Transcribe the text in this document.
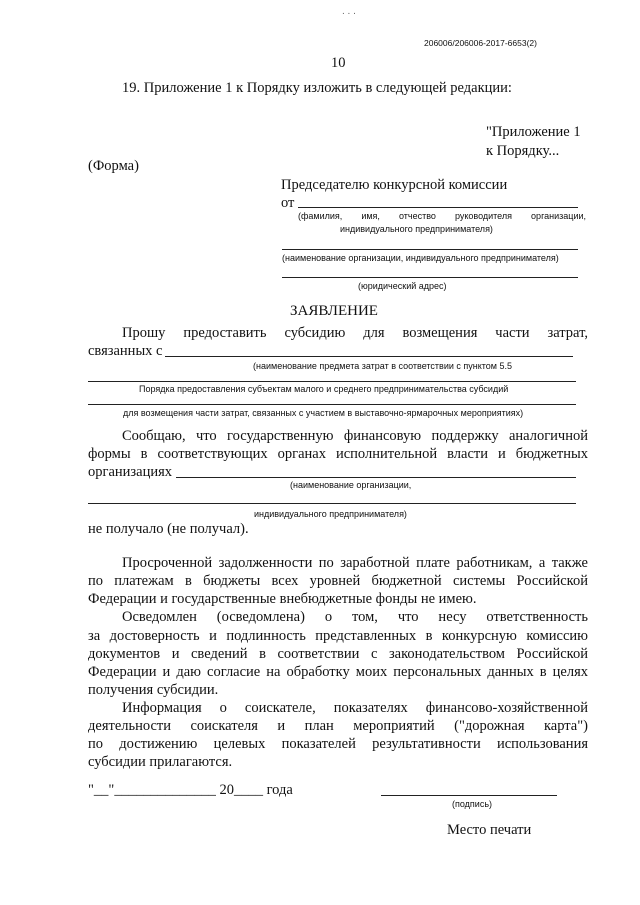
. . .
206006/206006-2017-6653(2)
10
19. Приложение 1 к Порядку изложить в следующей редакции:
"Приложение 1
к Порядку...
(Форма)
Председателю конкурсной комиссии
от
(фамилия, имя, отчество руководителя организации,
индивидуального предпринимателя)
(наименование организации, индивидуального предпринимателя)
(юридический адрес)
ЗАЯВЛЕНИЕ
Прошу предоставить субсидию для возмещения части затрат,
связанных с
(наименование предмета затрат в соответствии с пунктом 5.5
Порядка предоставления субъектам малого и среднего предпринимательства субсидий
для возмещения части затрат, связанных с участием в выставочно-ярмарочных мероприятиях)
Сообщаю, что государственную финансовую поддержку аналогичной
формы в соответствующих органах исполнительной власти и бюджетных
организациях
(наименование организации,
индивидуального предпринимателя)
не получало (не получал).
Просроченной задолженности по заработной плате работникам, а также
по платежам в бюджеты всех уровней бюджетной системы Российской
Федерации и государственные внебюджетные фонды не имею.
Осведомлен (осведомлена) о том, что несу ответственность
за достоверность и подлинность представленных в конкурсную комиссию
документов и сведений в соответствии с законодательством Российской
Федерации и даю согласие на обработку моих персональных данных в целях
получения субсидии.
Информация о соискателе, показателях финансово-хозяйственной
деятельности соискателя и план мероприятий ("дорожная карта")
по достижению целевых показателей результативности использования
субсидии прилагаются.
"__"______________ 20____ года
(подпись)
Место печати
